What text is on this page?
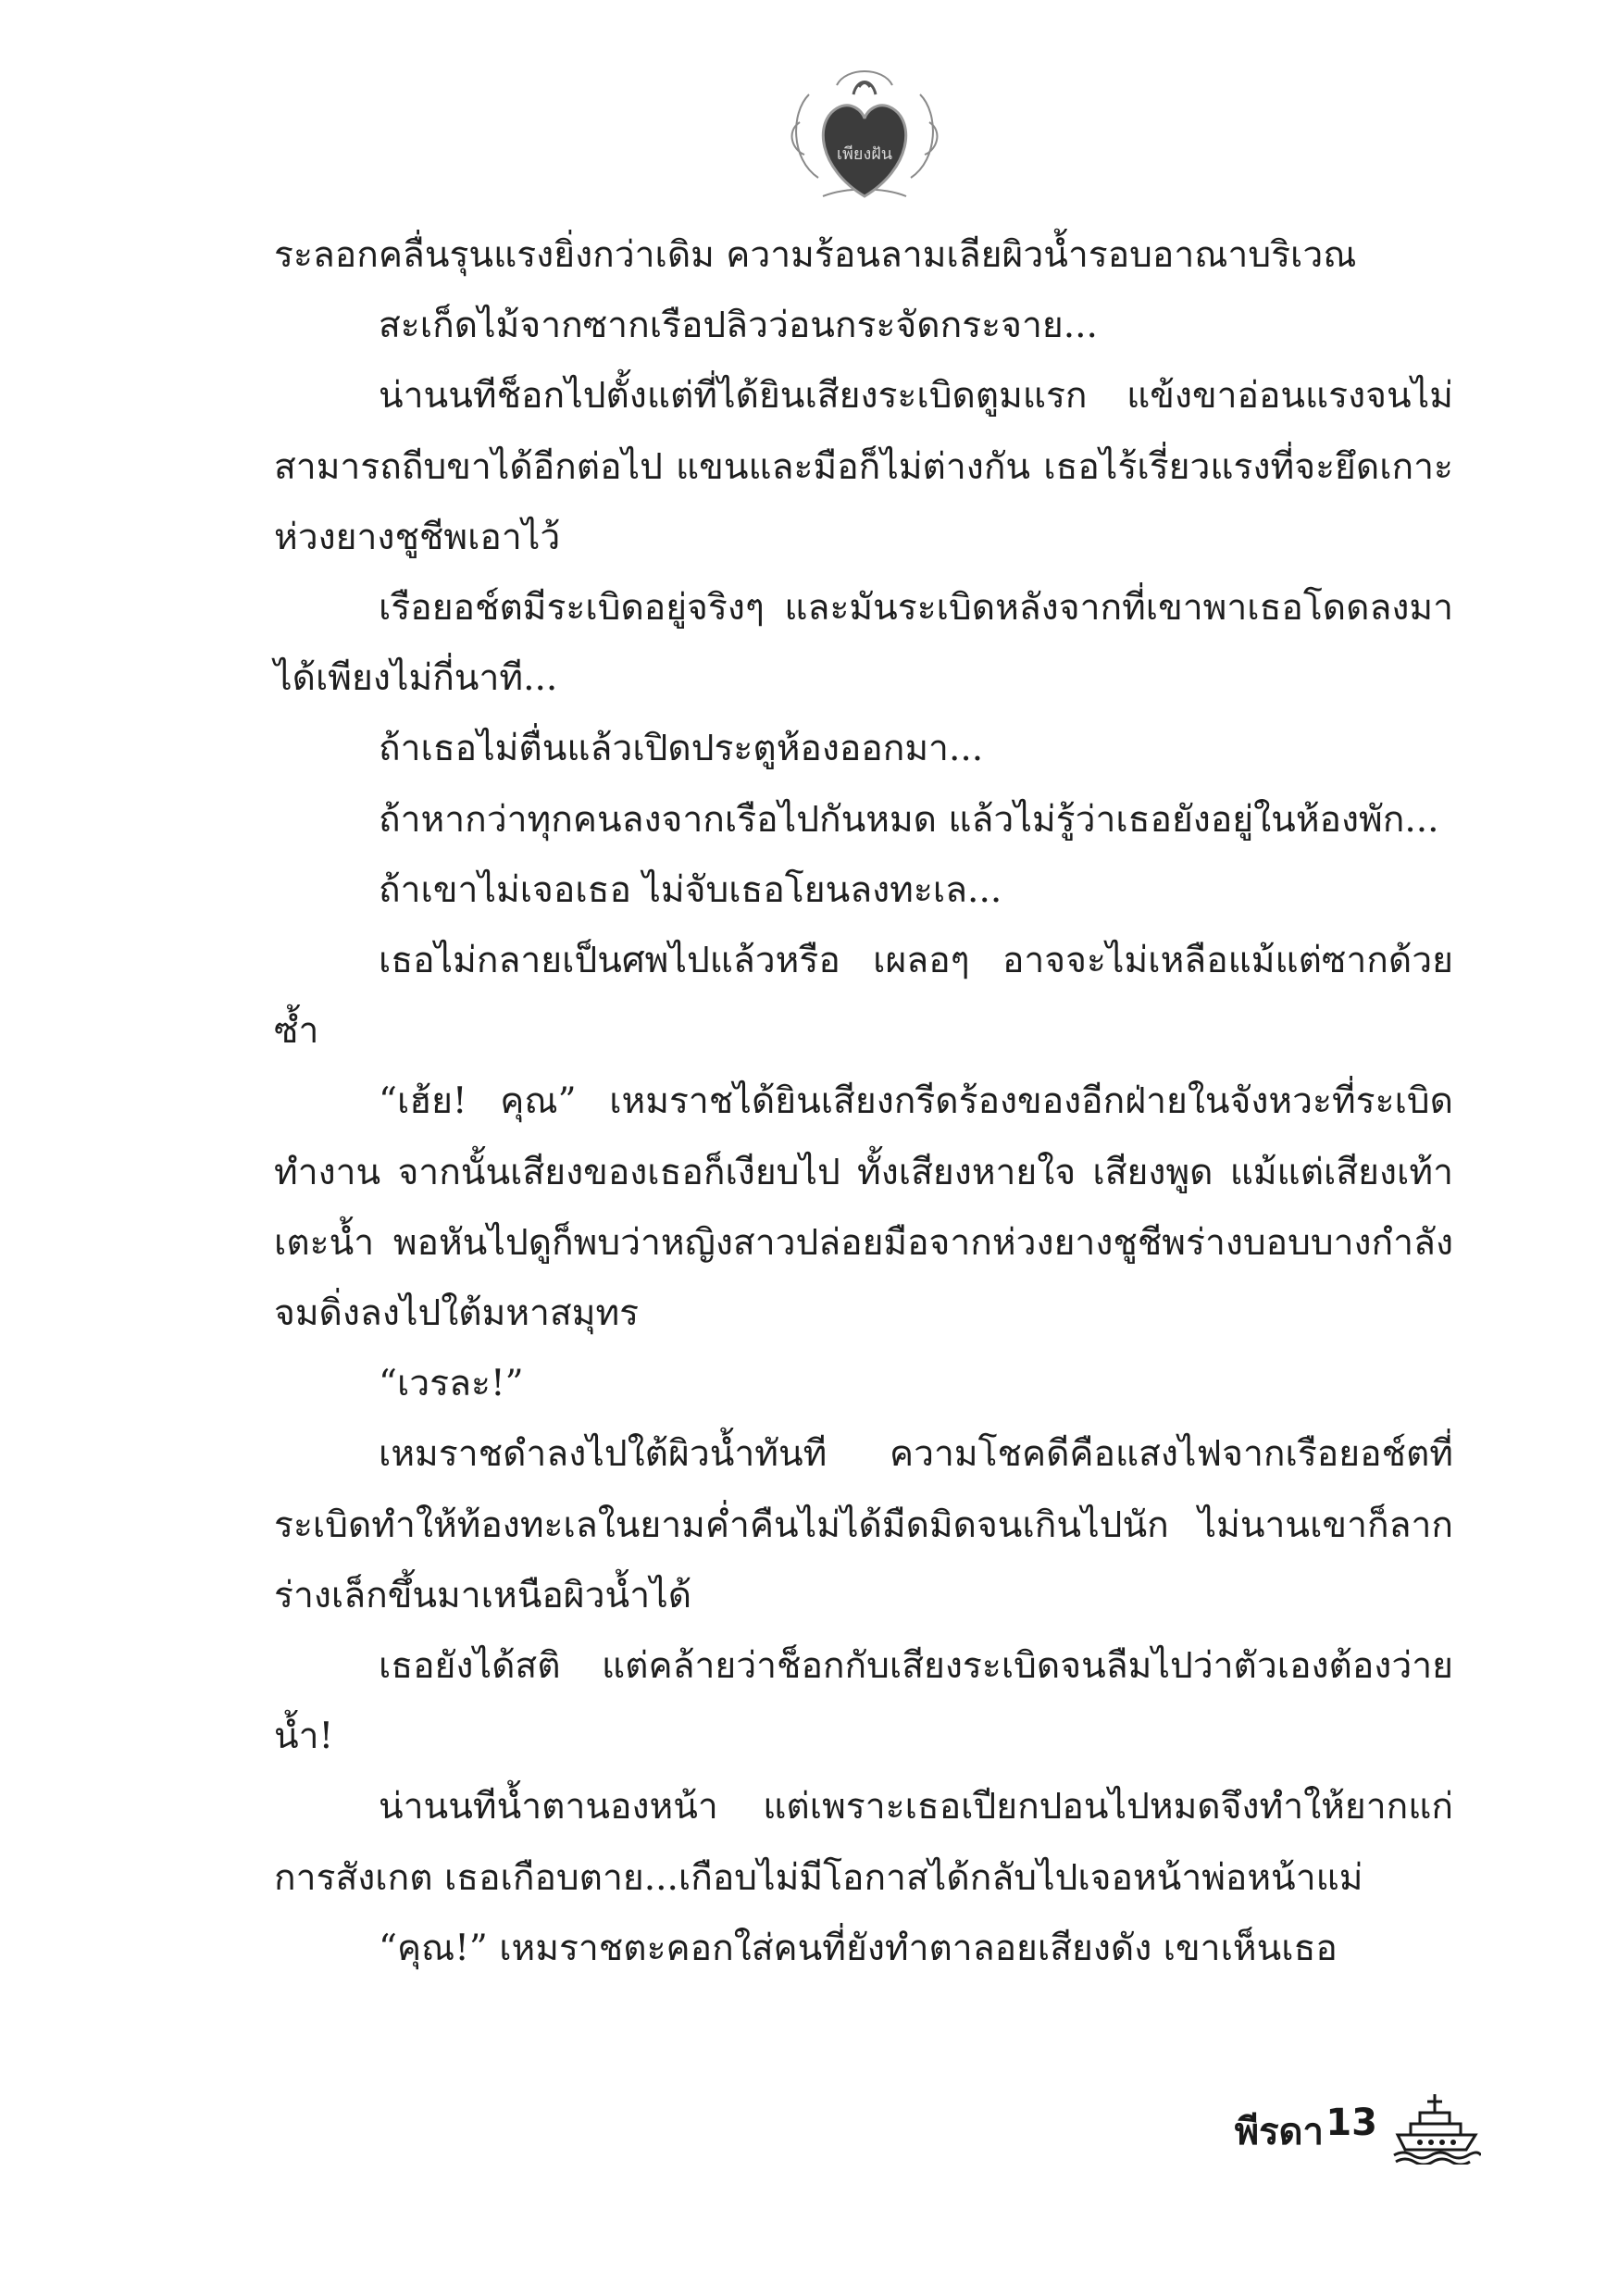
เพียงฝัน

ระลอกคลื่นรุนแรงยิ่งกว่าเดิม ความร้อนลามเลียผิวน้ำรอบอาณาบริเวณ

สะเก็ดไม้จากซากเรือปลิวว่อนกระจัดกระจาย...

น่านนทีช็อกไปตั้งแต่ที่ได้ยินเสียงระเบิดตูมแรก แข้งขาอ่อนแรงจนไม่สามารถถีบขาได้อีกต่อไป แขนและมือก็ไม่ต่างกัน เธอไร้เรี่ยวแรงที่จะยึดเกาะห่วงยางชูชีพเอาไว้

เรือยอช์ตมีระเบิดอยู่จริงๆ และมันระเบิดหลังจากที่เขาพาเธอโดดลงมาได้เพียงไม่กี่นาที...

ถ้าเธอไม่ตื่นแล้วเปิดประตูห้องออกมา...

ถ้าหากว่าทุกคนลงจากเรือไปกันหมด แล้วไม่รู้ว่าเธอยังอยู่ในห้องพัก...

ถ้าเขาไม่เจอเธอ ไม่จับเธอโยนลงทะเล...

เธอไม่กลายเป็นศพไปแล้วหรือ เผลอๆ อาจจะไม่เหลือแม้แต่ซากด้วยซ้ำ

“เฮ้ย! คุณ” เหมราชได้ยินเสียงกรีดร้องของอีกฝ่ายในจังหวะที่ระเบิดทำงาน จากนั้นเสียงของเธอก็เงียบไป ทั้งเสียงหายใจ เสียงพูด แม้แต่เสียงเท้าเตะน้ำ พอหันไปดูก็พบว่าหญิงสาวปล่อยมือจากห่วงยางชูชีพร่างบอบบางกำลังจมดิ่งลงไปใต้มหาสมุทร

“เวรละ!”

เหมราชดำลงไปใต้ผิวน้ำทันที ความโชคดีคือแสงไฟจากเรือยอช์ตที่ระเบิดทำให้ท้องทะเลในยามค่ำคืนไม่ได้มืดมิดจนเกินไปนัก ไม่นานเขาก็ลากร่างเล็กขึ้นมาเหนือผิวน้ำได้

เธอยังได้สติ แต่คล้ายว่าช็อกกับเสียงระเบิดจนลืมไปว่าตัวเองต้องว่ายน้ำ!

น่านนทีน้ำตานองหน้า แต่เพราะเธอเปียกปอนไปหมดจึงทำให้ยากแก่การสังเกต เธอเกือบตาย...เกือบไม่มีโอกาสได้กลับไปเจอหน้าพ่อหน้าแม่

“คุณ!” เหมราชตะคอกใส่คนที่ยังทำตาลอยเสียงดัง เขาเห็นเธอ

พีรดา 13
